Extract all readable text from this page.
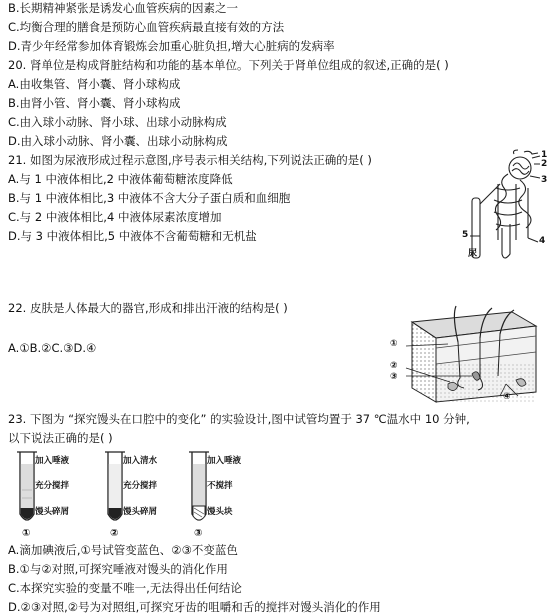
B.长期精神紧张是诱发心血管疾病的因素之一
C.均衡合理的膳食是预防心血管疾病最直接有效的方法
D.青少年经常参加体育锻炼会加重心脏负担,增大心脏病的发病率
20. 肾单位是构成肾脏结构和功能的基本单位。下列关于肾单位组成的叙述,正确的是( )
A.由收集管、肾小囊、肾小球构成
B.由肾小管、肾小囊、肾小球构成
C.由入球小动脉、肾小球、出球小动脉构成
D.由入球小动脉、肾小囊、出球小动脉构成
21. 如图为尿液形成过程示意图,序号表示相关结构,下列说法正确的是( )
A.与 1 中液体相比,2 中液体葡萄糖浓度降低
B.与 1 中液体相比,3 中液体不含大分子蛋白质和血细胞
C.与 2 中液体相比,4 中液体尿素浓度增加
D.与 3 中液体相比,5 中液体不含葡萄糖和无机盐
1
2
3
4
5
尿
22. 皮肤是人体最大的器官,形成和排出汗液的结构是( )
A.①B.②C.③D.④	①
②
③
④
23. 下图为 “探究馒头在口腔中的变化” 的实验设计,图中试管均置于 37 ℃温水中 10 分钟,
以下说法正确的是( )
加入唾液
充分搅拌
馒头碎屑
①
加入清水
充分搅拌
馒头碎屑
②
加入唾液
不搅拌
馒头块
③
A.滴加碘液后,①号试管变蓝色、②③不变蓝色
B.①与②对照,可探究唾液对馒头的消化作用
C.本探究实验的变量不唯一,无法得出任何结论
D.②③对照,②号为对照组,可探究牙齿的咀嚼和舌的搅拌对馒头消化的作用
